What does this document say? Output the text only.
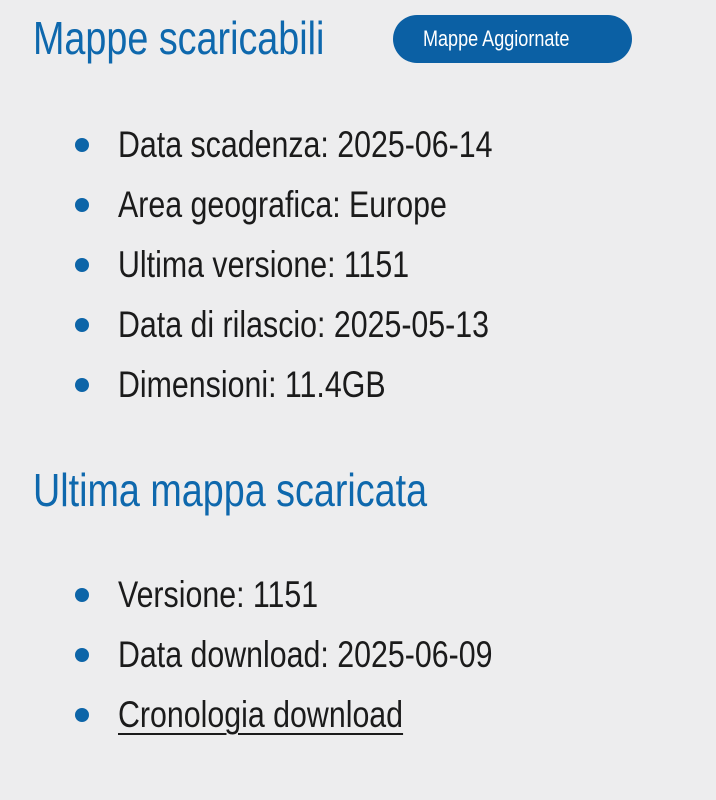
Mappe scaricabili	Mappe Aggiornate
Data scadenza: 2025-06-14
Area geografica: Europe
Ultima versione: 1151
Data di rilascio: 2025-05-13
Dimensioni: 11.4GB
Ultima mappa scaricata
Versione: 1151
Data download: 2025-06-09
Cronologia download
